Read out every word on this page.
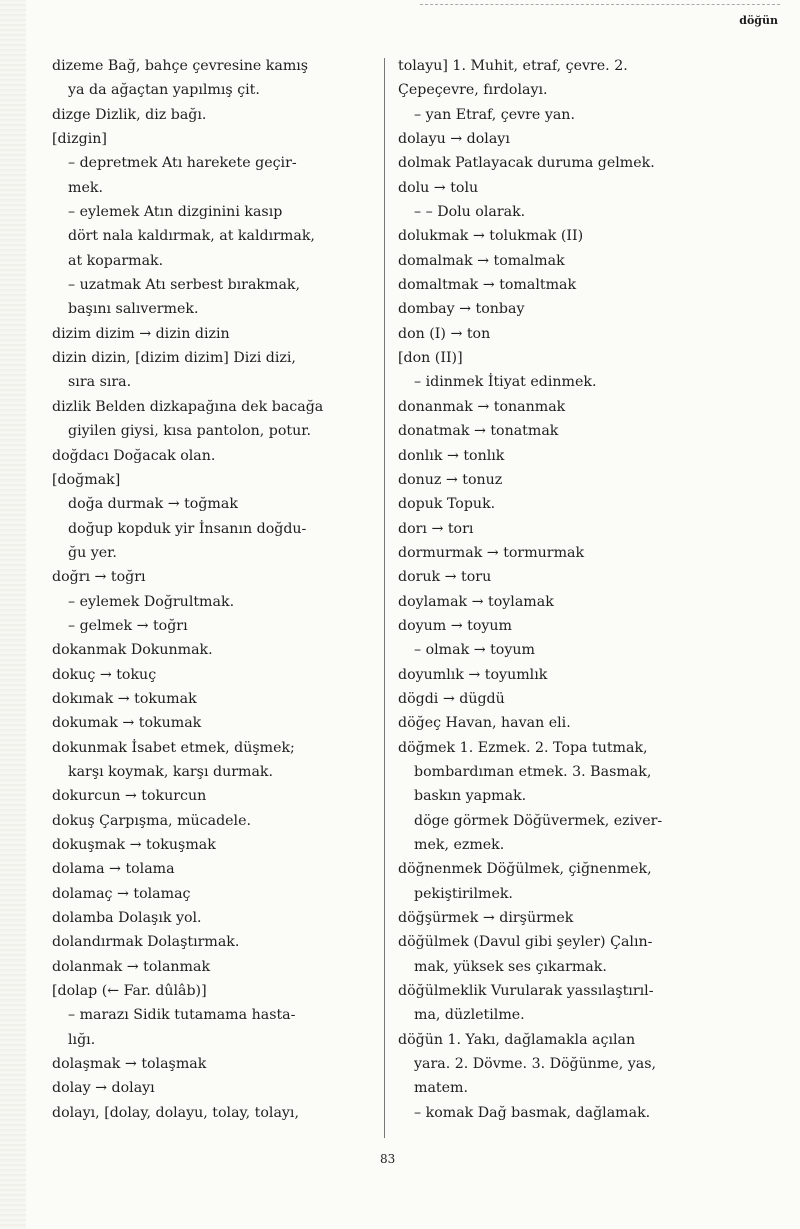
döğün
dizeme Bağ, bahçe çevresine kamış
ya da ağaçtan yapılmış çit.
dizge Dizlik, diz bağı.
[dizgin]
– depretmek Atı harekete geçir-
mek.
– eylemek Atın dizginini kasıp
dört nala kaldırmak, at kaldırmak,
at koparmak.
– uzatmak Atı serbest bırakmak,
başını salıvermek.
dizim dizim → dizin dizin
dizin dizin, [dizim dizim] Dizi dizi,
sıra sıra.
dizlik Belden dizkapağına dek bacağa
giyilen giysi, kısa pantolon, potur.
doğdacı Doğacak olan.
[doğmak]
doğa durmak → toğmak
doğup kopduk yir İnsanın doğdu-
ğu yer.
doğrı → toğrı
– eylemek Doğrultmak.
– gelmek → toğrı
dokanmak Dokunmak.
dokuç → tokuç
dokımak → tokumak
dokumak → tokumak
dokunmak İsabet etmek, düşmek;
karşı koymak, karşı durmak.
dokurcun → tokurcun
dokuş Çarpışma, mücadele.
dokuşmak → tokuşmak
dolama → tolama
dolamaç → tolamaç
dolamba Dolaşık yol.
dolandırmak Dolaştırmak.
dolanmak → tolanmak
[dolap (← Far. dûlâb)]
– marazı Sidik tutamama hasta-
lığı.
dolaşmak → tolaşmak
dolay → dolayı
dolayı, [dolay, dolayu, tolay, tolayı,
tolayu] 1. Muhit, etraf, çevre. 2.
Çepeçevre, fırdolayı.
– yan Etraf, çevre yan.
dolayu → dolayı
dolmak Patlayacak duruma gelmek.
dolu → tolu
– – Dolu olarak.
dolukmak → tolukmak (II)
domalmak → tomalmak
domaltmak → tomaltmak
dombay → tonbay
don (I) → ton
[don (II)]
– idinmek İtiyat edinmek.
donanmak → tonanmak
donatmak → tonatmak
donlık → tonlık
donuz → tonuz
dopuk Topuk.
dorı → torı
dormurmak → tormurmak
doruk → toru
doylamak → toylamak
doyum → toyum
– olmak → toyum
doyumlık → toyumlık
dögdi → dügdü
döğeç Havan, havan eli.
döğmek 1. Ezmek. 2. Topa tutmak,
bombardıman etmek. 3. Basmak,
baskın yapmak.
döge görmek Döğüvermek, eziver-
mek, ezmek.
döğnenmek Döğülmek, çiğnenmek,
pekiştirilmek.
döğşürmek → dirşürmek
döğülmek (Davul gibi şeyler) Çalın-
mak, yüksek ses çıkarmak.
döğülmeklik Vurularak yassılaştırıl-
ma, düzletilme.
döğün 1. Yakı, dağlamakla açılan
yara. 2. Dövme. 3. Döğünme, yas,
matem.
– komak Dağ basmak, dağlamak.
83
